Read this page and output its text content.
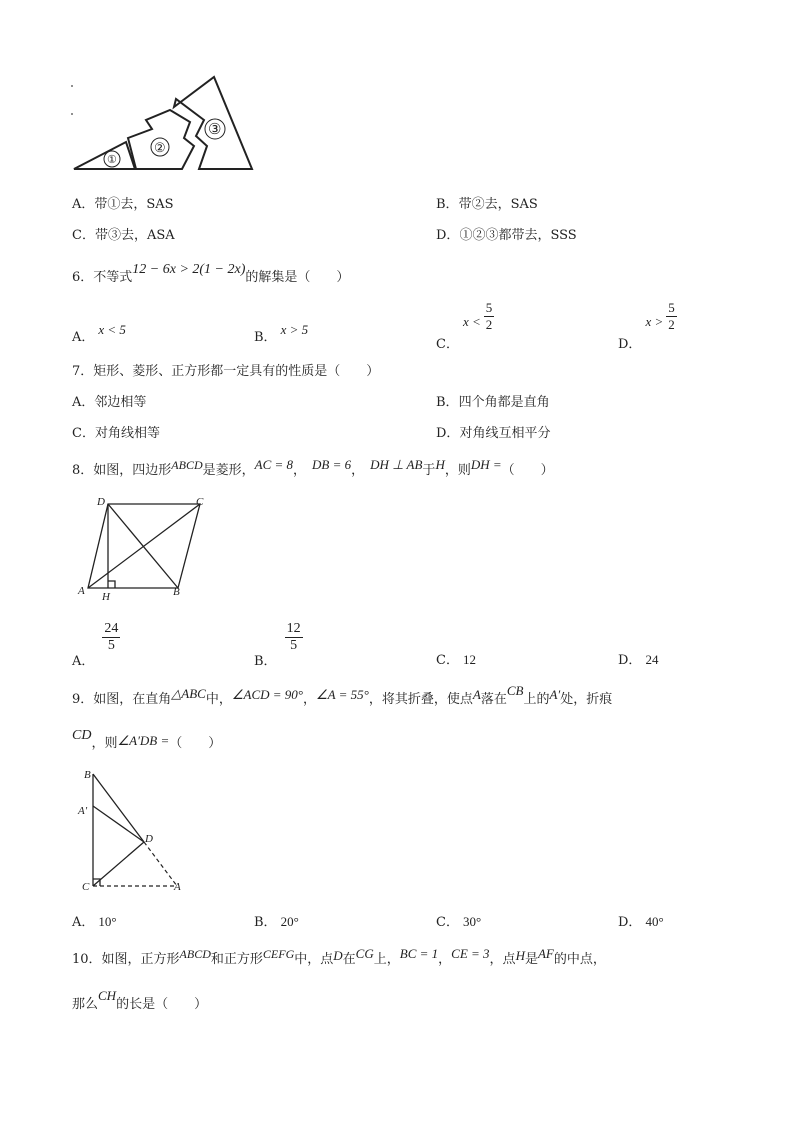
①
②
③
A．带①去，SAS	B．带②去，SAS
C．带③去，ASA	D．①②③都带去，SSS
6．不等式12 − 6x > 2(1 − 2x)的解集是（　　）
A．x < 5
B．x > 5
C．$x < \frac{5}{2}$
D．$x > \frac{5}{2}$
7．矩形、菱形、正方形都一定具有的性质是（　　）
A．邻边相等	B．四个角都是直角
C．对角线相等	D．对角线互相平分
8．如图，四边形ABCD是菱形，AC = 8， DB = 6， DH ⊥ AB于H，则DH =（　　）
A	B
C
D
H
A．
$\frac{24}{5}$
B．
$\frac{12}{5}$
C． 12	D． 24
9．如图，在直角△ABC中，∠ACD = 90°，∠A = 55°，将其折叠，使点A落在CB上的A′处，折痕
CD，则∠A′DB =（　　）
B
A′
D
C	A
A． 10°	B． 20°	C． 30°	D． 40°
10．如图，正方形ABCD和正方形CEFG中，点D在CG上，BC = 1，CE = 3，点H是AF的中点，
那么CH的长是（　　）
